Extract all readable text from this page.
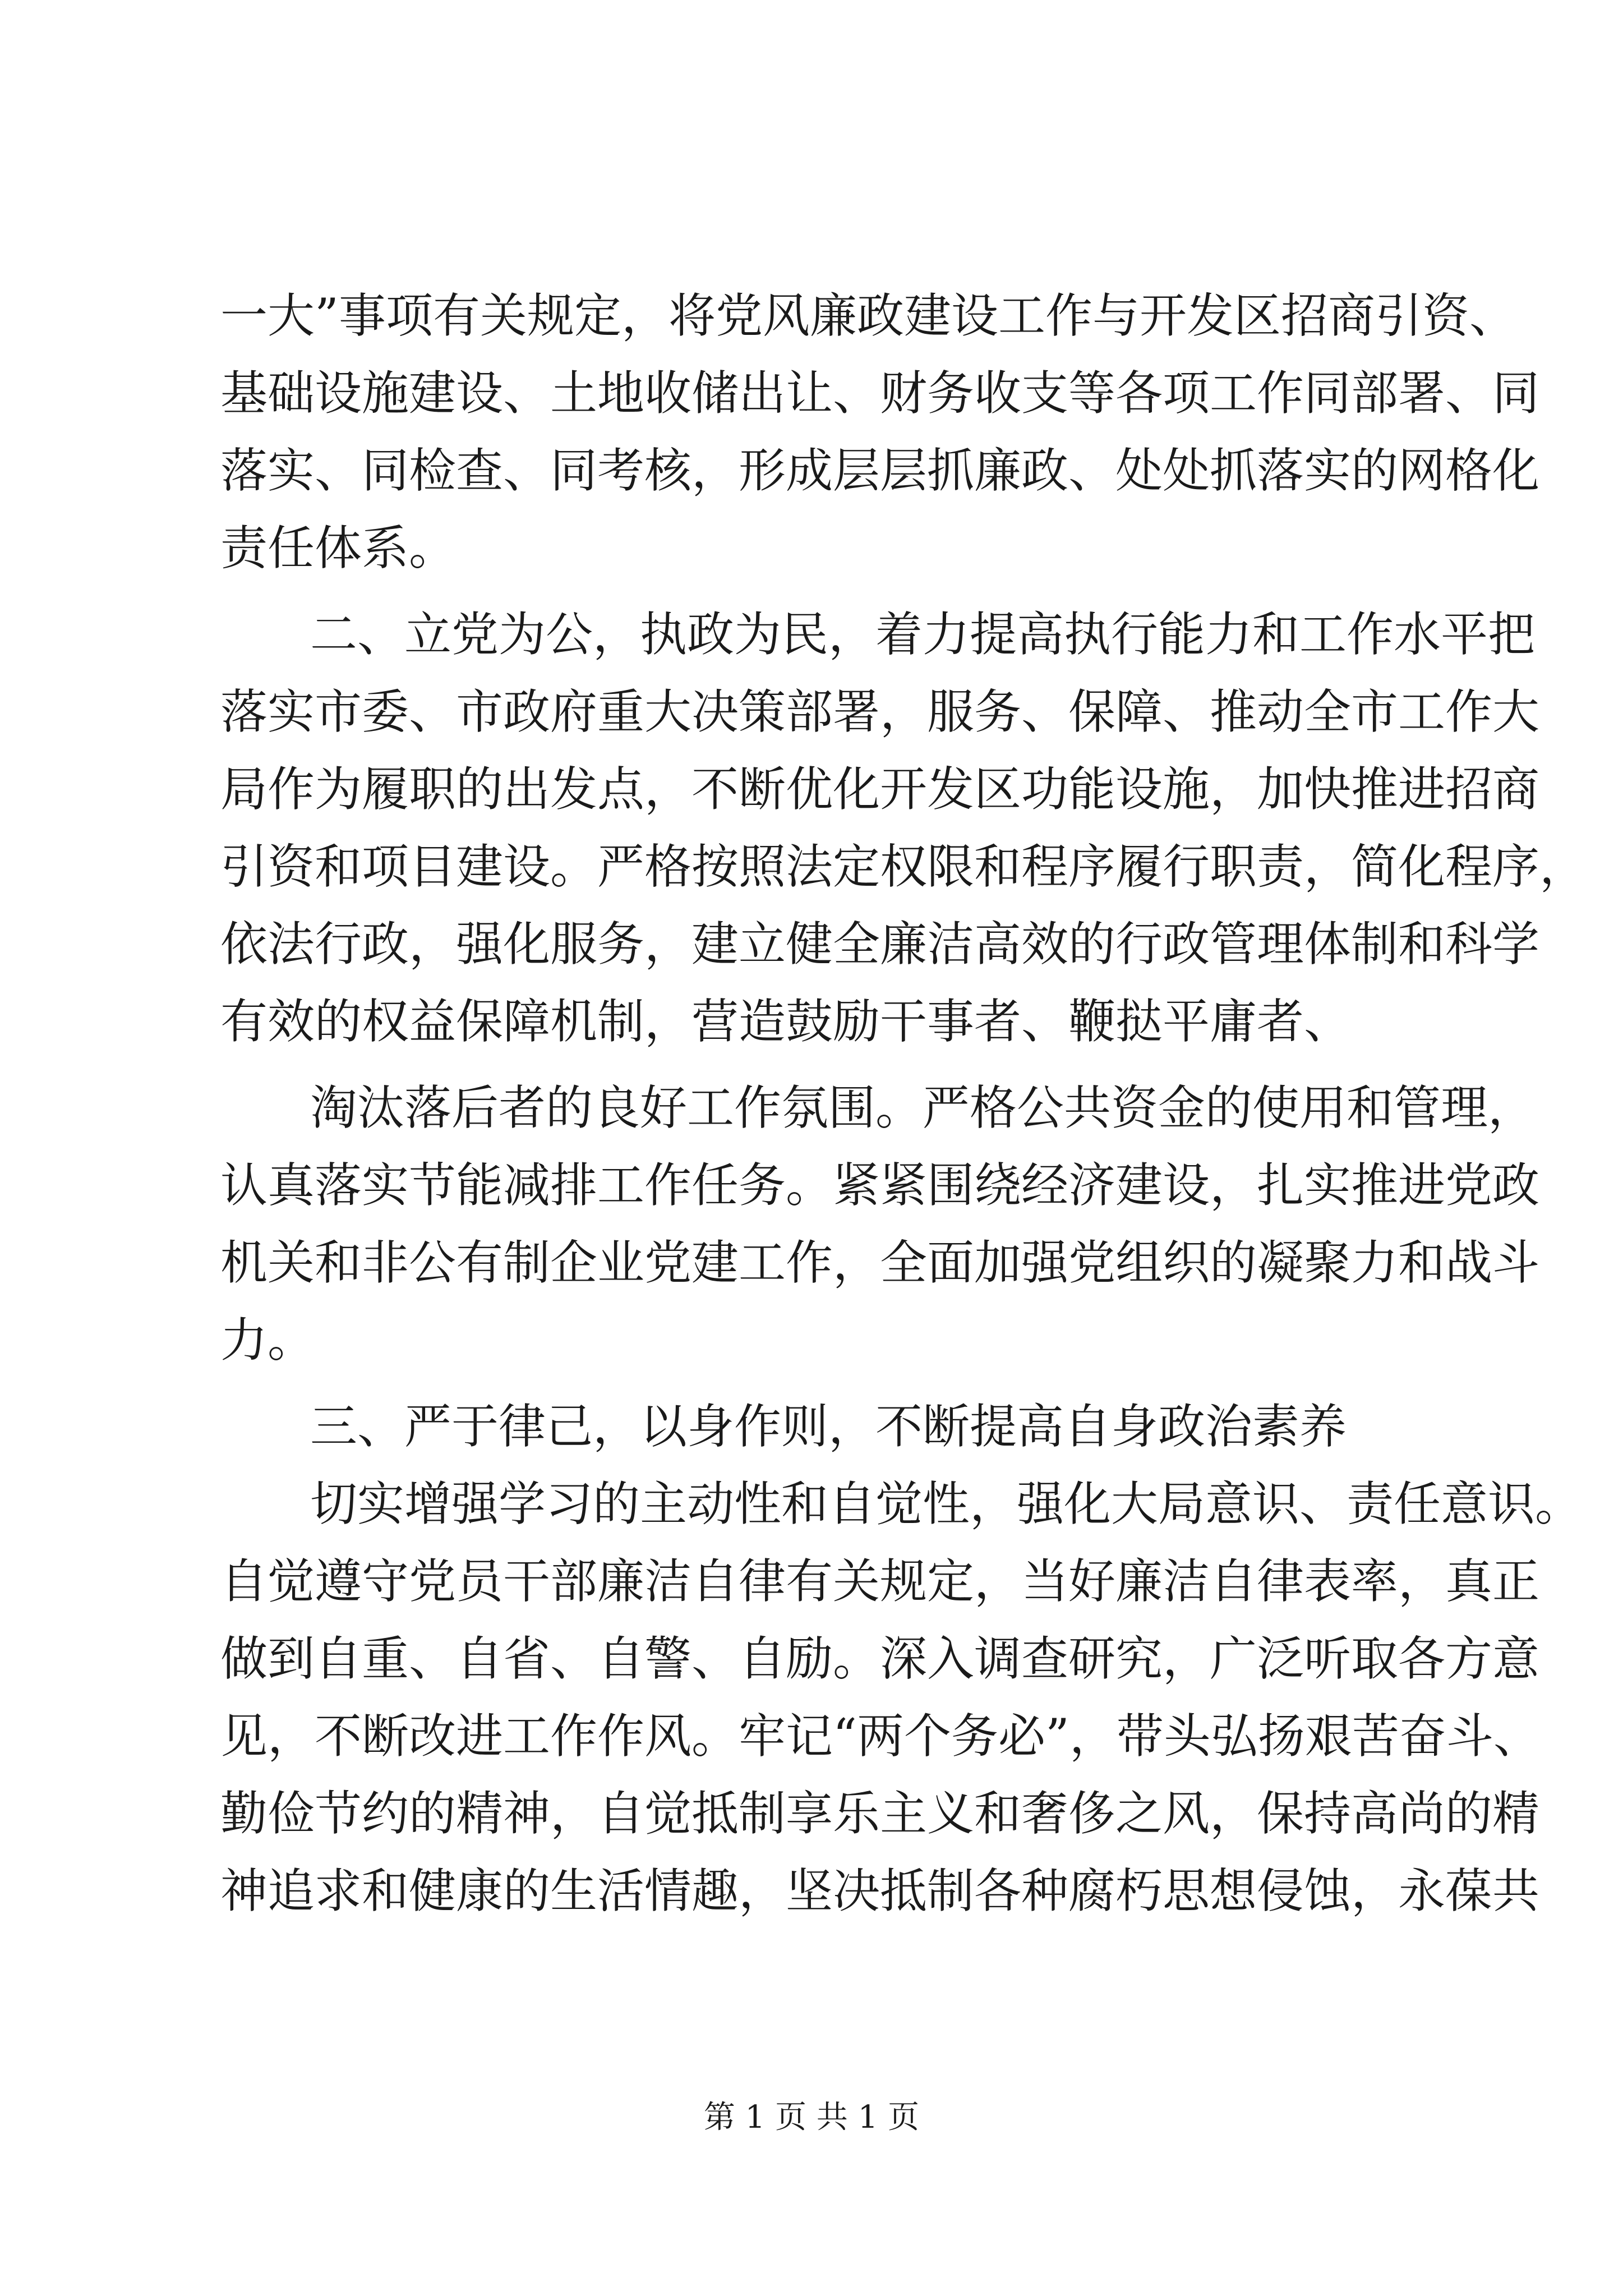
一大”事项有关规定，将党风廉政建设工作与开发区招商引资、
基础设施建设、土地收储出让、财务收支等各项工作同部署、同
落实、同检查、同考核，形成层层抓廉政、处处抓落实的网格化
责任体系。
二、立党为公，执政为民，着力提高执行能力和工作水平把
落实市委、市政府重大决策部署，服务、保障、推动全市工作大
局作为履职的出发点，不断优化开发区功能设施，加快推进招商
引资和项目建设。严格按照法定权限和程序履行职责，简化程序，
依法行政，强化服务，建立健全廉洁高效的行政管理体制和科学
有效的权益保障机制，营造鼓励干事者、鞭挞平庸者、
淘汰落后者的良好工作氛围。严格公共资金的使用和管理，
认真落实节能减排工作任务。紧紧围绕经济建设，扎实推进党政
机关和非公有制企业党建工作，全面加强党组织的凝聚力和战斗
力。
三、严于律己，以身作则，不断提高自身政治素养
切实增强学习的主动性和自觉性，强化大局意识、责任意识。
自觉遵守党员干部廉洁自律有关规定，当好廉洁自律表率，真正
做到自重、自省、自警、自励。深入调查研究，广泛听取各方意
见，不断改进工作作风。牢记“两个务必”，带头弘扬艰苦奋斗、
勤俭节约的精神，自觉抵制享乐主义和奢侈之风，保持高尚的精
神追求和健康的生活情趣，坚决抵制各种腐朽思想侵蚀，永葆共
第 1 页 共 1 页
